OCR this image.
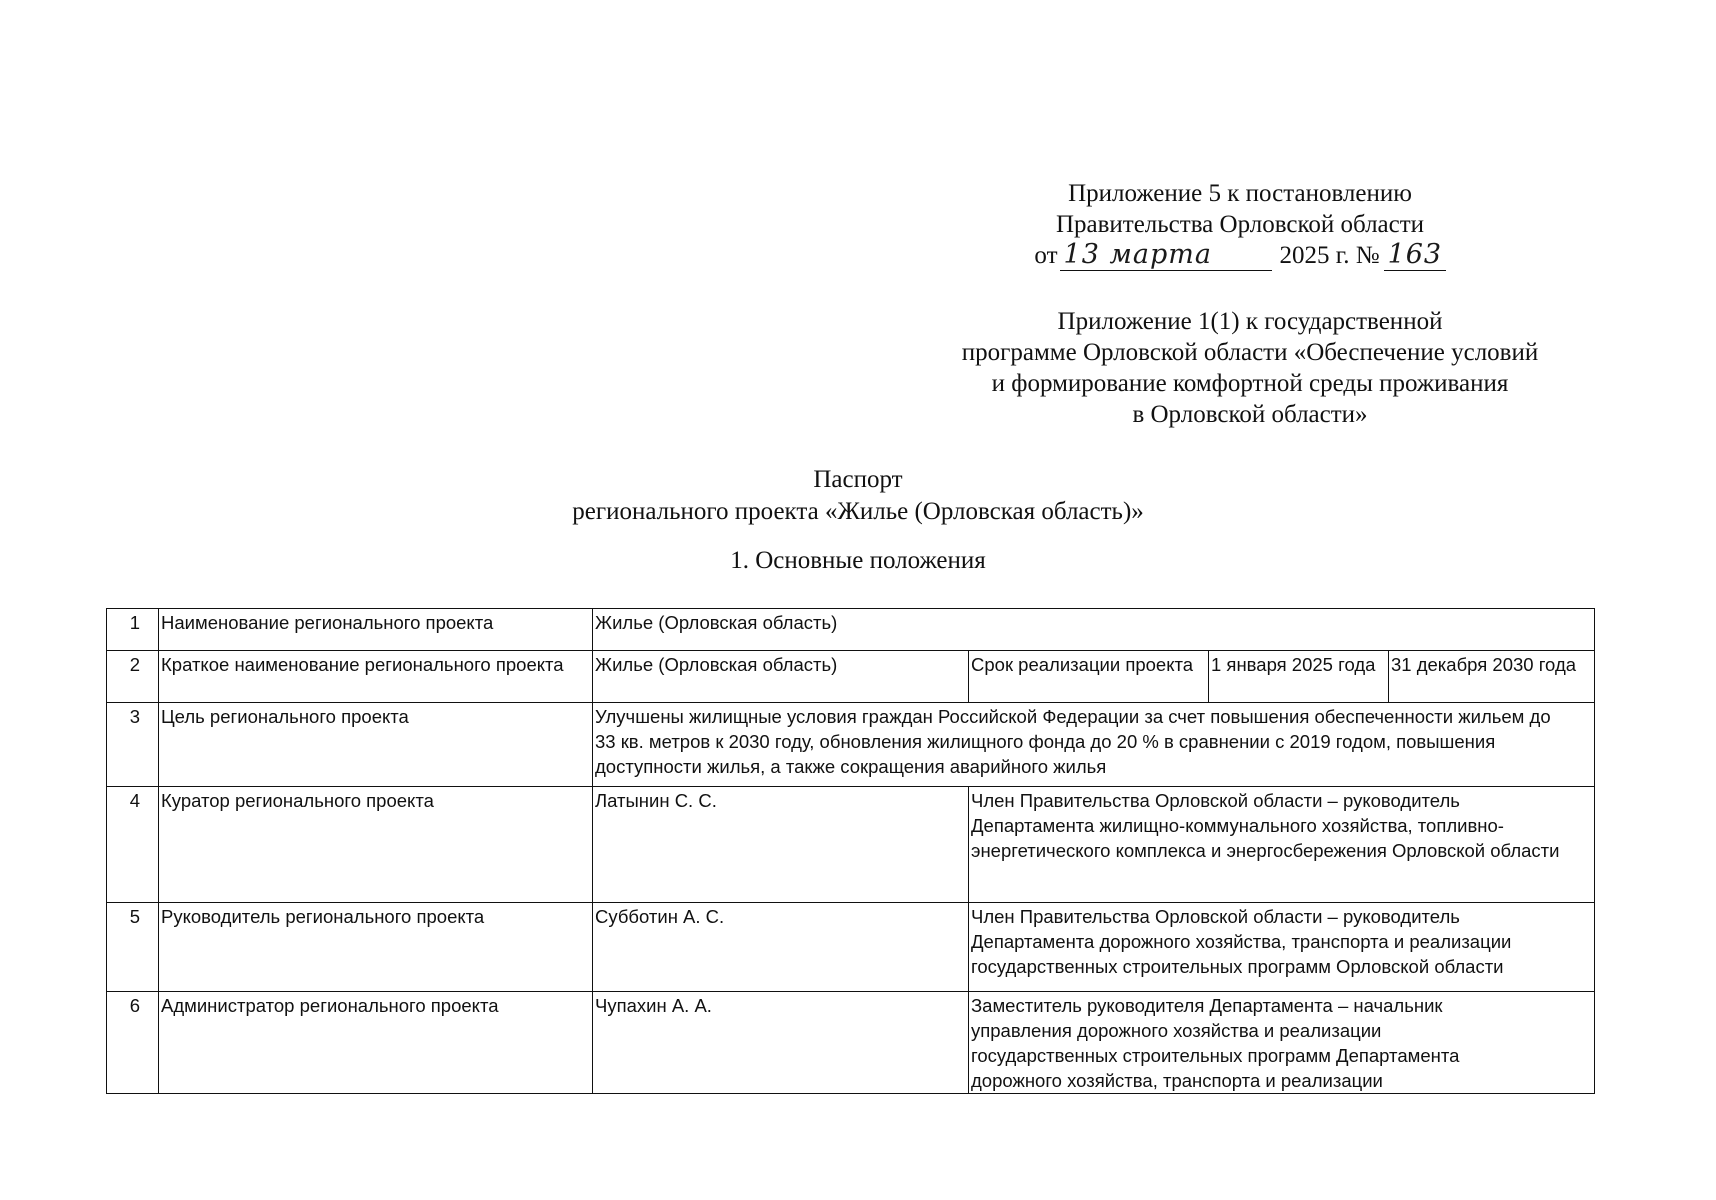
Приложение 5 к постановлению
Правительства Орловской области
от 13 марта	2025 г. № 163
Приложение 1(1) к государственной
программе Орловской области «Обеспечение условий
и формирование комфортной среды проживания
в Орловской области»
Паспорт
регионального проекта «Жилье (Орловская область)»
1. Основные положения
1	Наименование регионального проекта	Жилье (Орловская область)			
2	Краткое наименование регионального проекта	Жилье (Орловская область)	Срок реализации проекта	1 января 2025 года	31 декабря 2030 года
3	Цель регионального проекта	Улучшены жилищные условия граждан Российской Федерации за счет повышения обеспеченности жильем до 33 кв. метров к 2030 году, обновления жилищного фонда до 20 % в сравнении с 2019 годом, повышения доступности жилья, а также сокращения аварийного жилья			
4	Куратор регионального проекта	Латынин С. С.	Член Правительства Орловской области – руководитель Департамента жилищно-коммунального хозяйства, топливно-энергетического комплекса и энергосбережения Орловской области		
5	Руководитель регионального проекта	Субботин А. С.	Член Правительства Орловской области – руководитель Департамента дорожного хозяйства, транспорта и реализации государственных строительных программ Орловской области		
6	Администратор регионального проекта	Чупахин А. А.	Заместитель руководителя Департамента – начальник управления дорожного хозяйства и реализации государственных строительных программ Департамента дорожного хозяйства, транспорта и реализации		
